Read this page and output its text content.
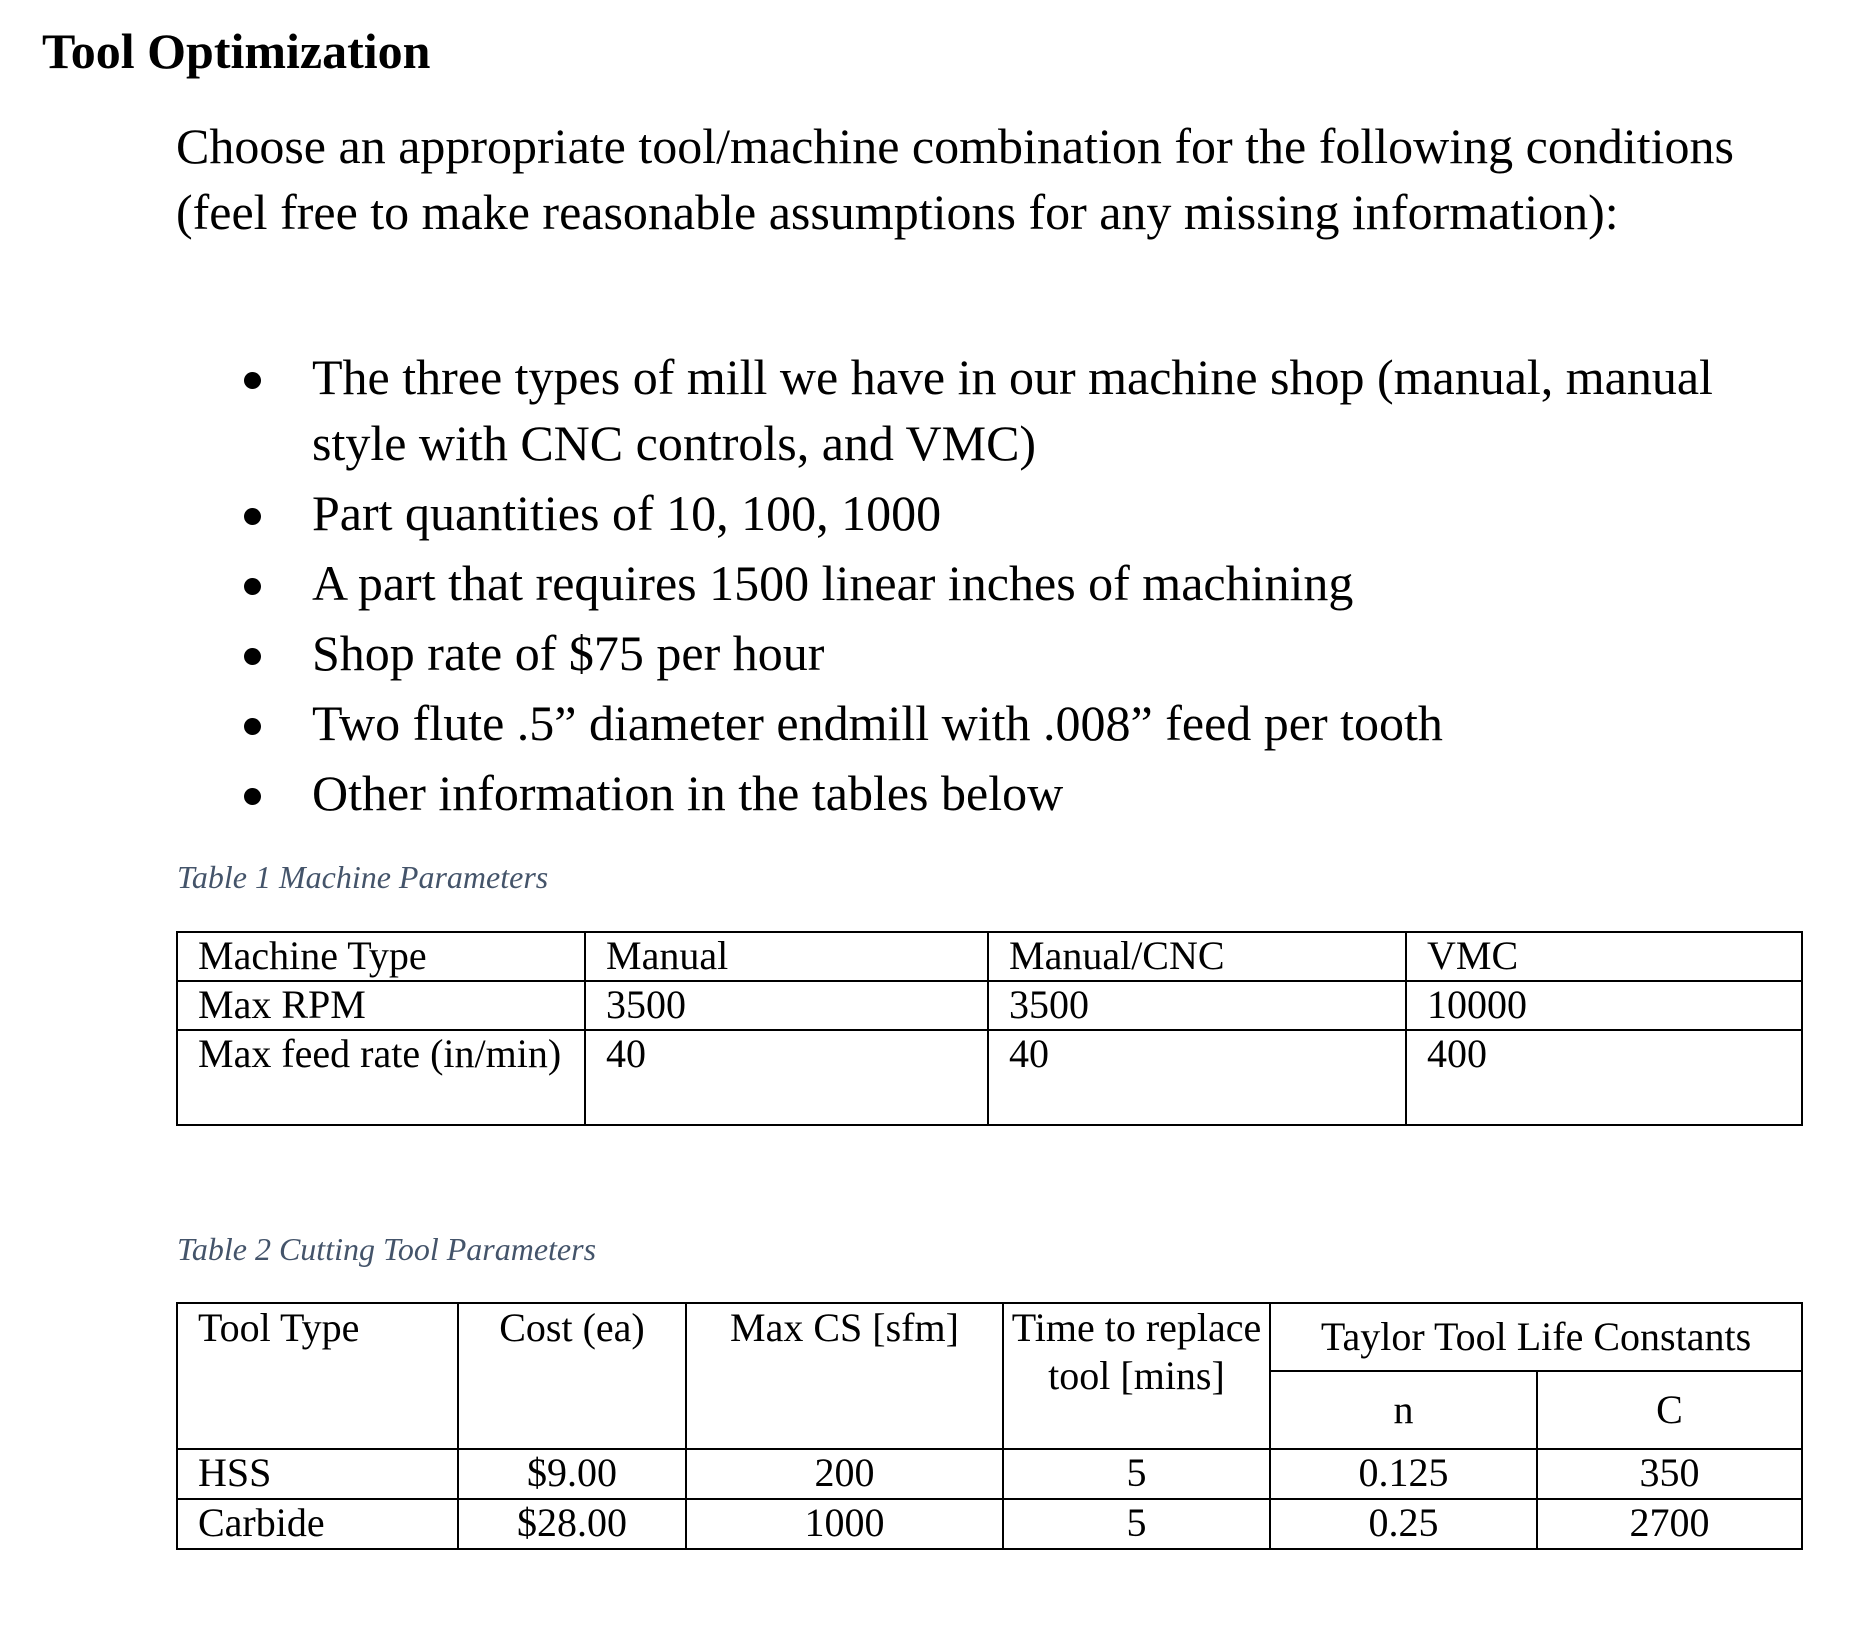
Tool Optimization
Choose an appropriate tool/machine combination for the following conditions (feel free to make reasonable assumptions for any missing information):
The three types of mill we have in our machine shop (manual, manual style with CNC controls, and VMC)
Part quantities of 10, 100, 1000
A part that requires 1500 linear inches of machining
Shop rate of $75 per hour
Two flute .5” diameter endmill with .008” feed per tooth
Other information in the tables below
Table 1 Machine Parameters
Machine Type	Manual	Manual/CNC	VMC
Max RPM	3500	3500	10000
Max feed rate (in/min)	40	40	400
Table 2 Cutting Tool Parameters
Tool Type	Cost (ea)	Max CS [sfm]	Time to replace tool [mins]	Taylor Tool Life Constants	
				n	C
HSS	$9.00	200	5	0.125	350
Carbide	$28.00	1000	5	0.25	2700
